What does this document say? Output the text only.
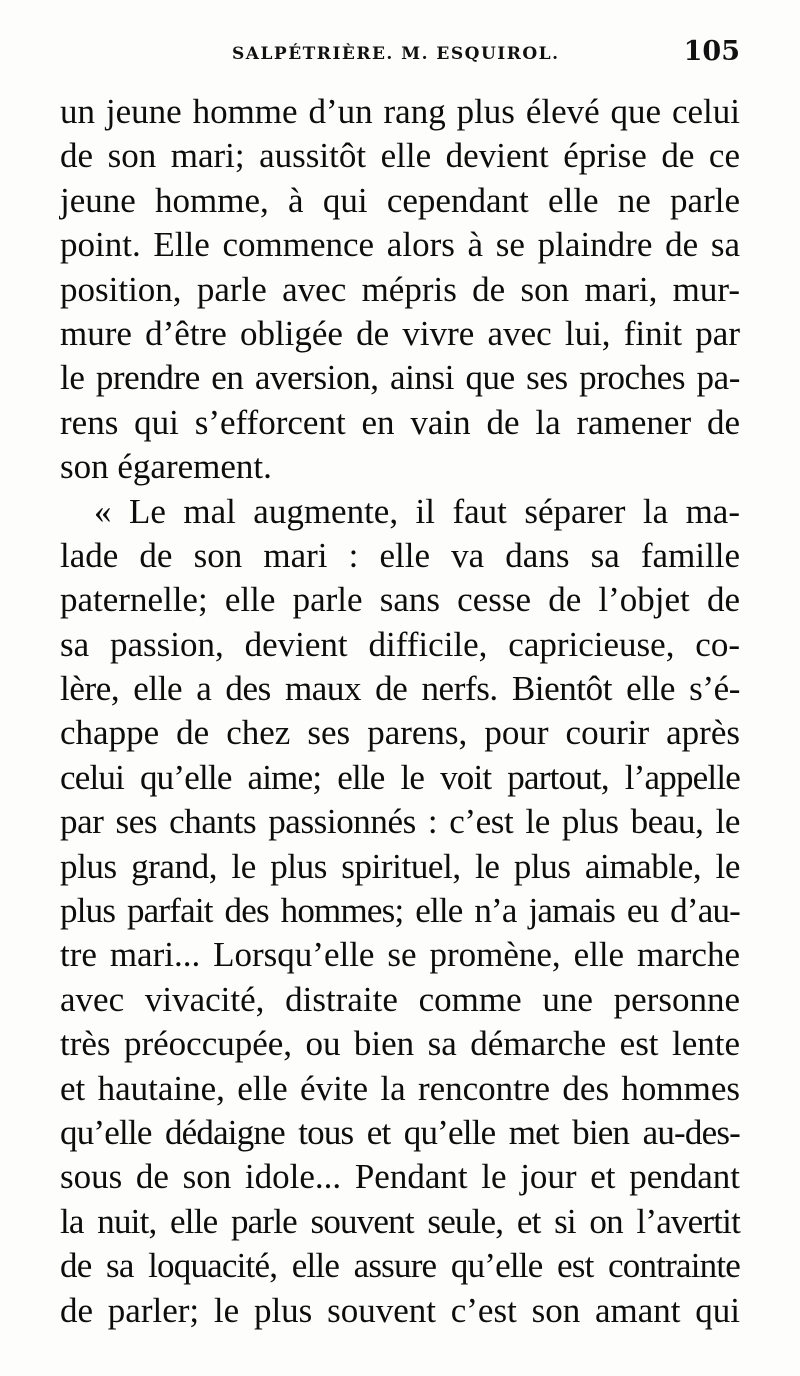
SALPÉTRIÈRE. M. ESQUIROL.	105
un jeune homme d’un rang plus élevé que celui
de son mari; aussitôt elle devient éprise de ce
jeune homme, à qui cependant elle ne parle
point. Elle commence alors à se plaindre de sa
position, parle avec mépris de son mari, mur-
mure d’être obligée de vivre avec lui, finit par
le prendre en aversion, ainsi que ses proches pa-
rens qui s’efforcent en vain de la ramener de
son égarement.
« Le mal augmente, il faut séparer la ma-
lade de son mari : elle va dans sa famille
paternelle; elle parle sans cesse de l’objet de
sa passion, devient difficile, capricieuse, co-
lère, elle a des maux de nerfs. Bientôt elle s’é-
chappe de chez ses parens, pour courir après
celui qu’elle aime; elle le voit partout, l’appelle
par ses chants passionnés : c’est le plus beau, le
plus grand, le plus spirituel, le plus aimable, le
plus parfait des hommes; elle n’a jamais eu d’au-
tre mari... Lorsqu’elle se promène, elle marche
avec vivacité, distraite comme une personne
très préoccupée, ou bien sa démarche est lente
et hautaine, elle évite la rencontre des hommes
qu’elle dédaigne tous et qu’elle met bien au-des-
sous de son idole... Pendant le jour et pendant
la nuit, elle parle souvent seule, et si on l’avertit
de sa loquacité, elle assure qu’elle est contrainte
de parler; le plus souvent c’est son amant qui
